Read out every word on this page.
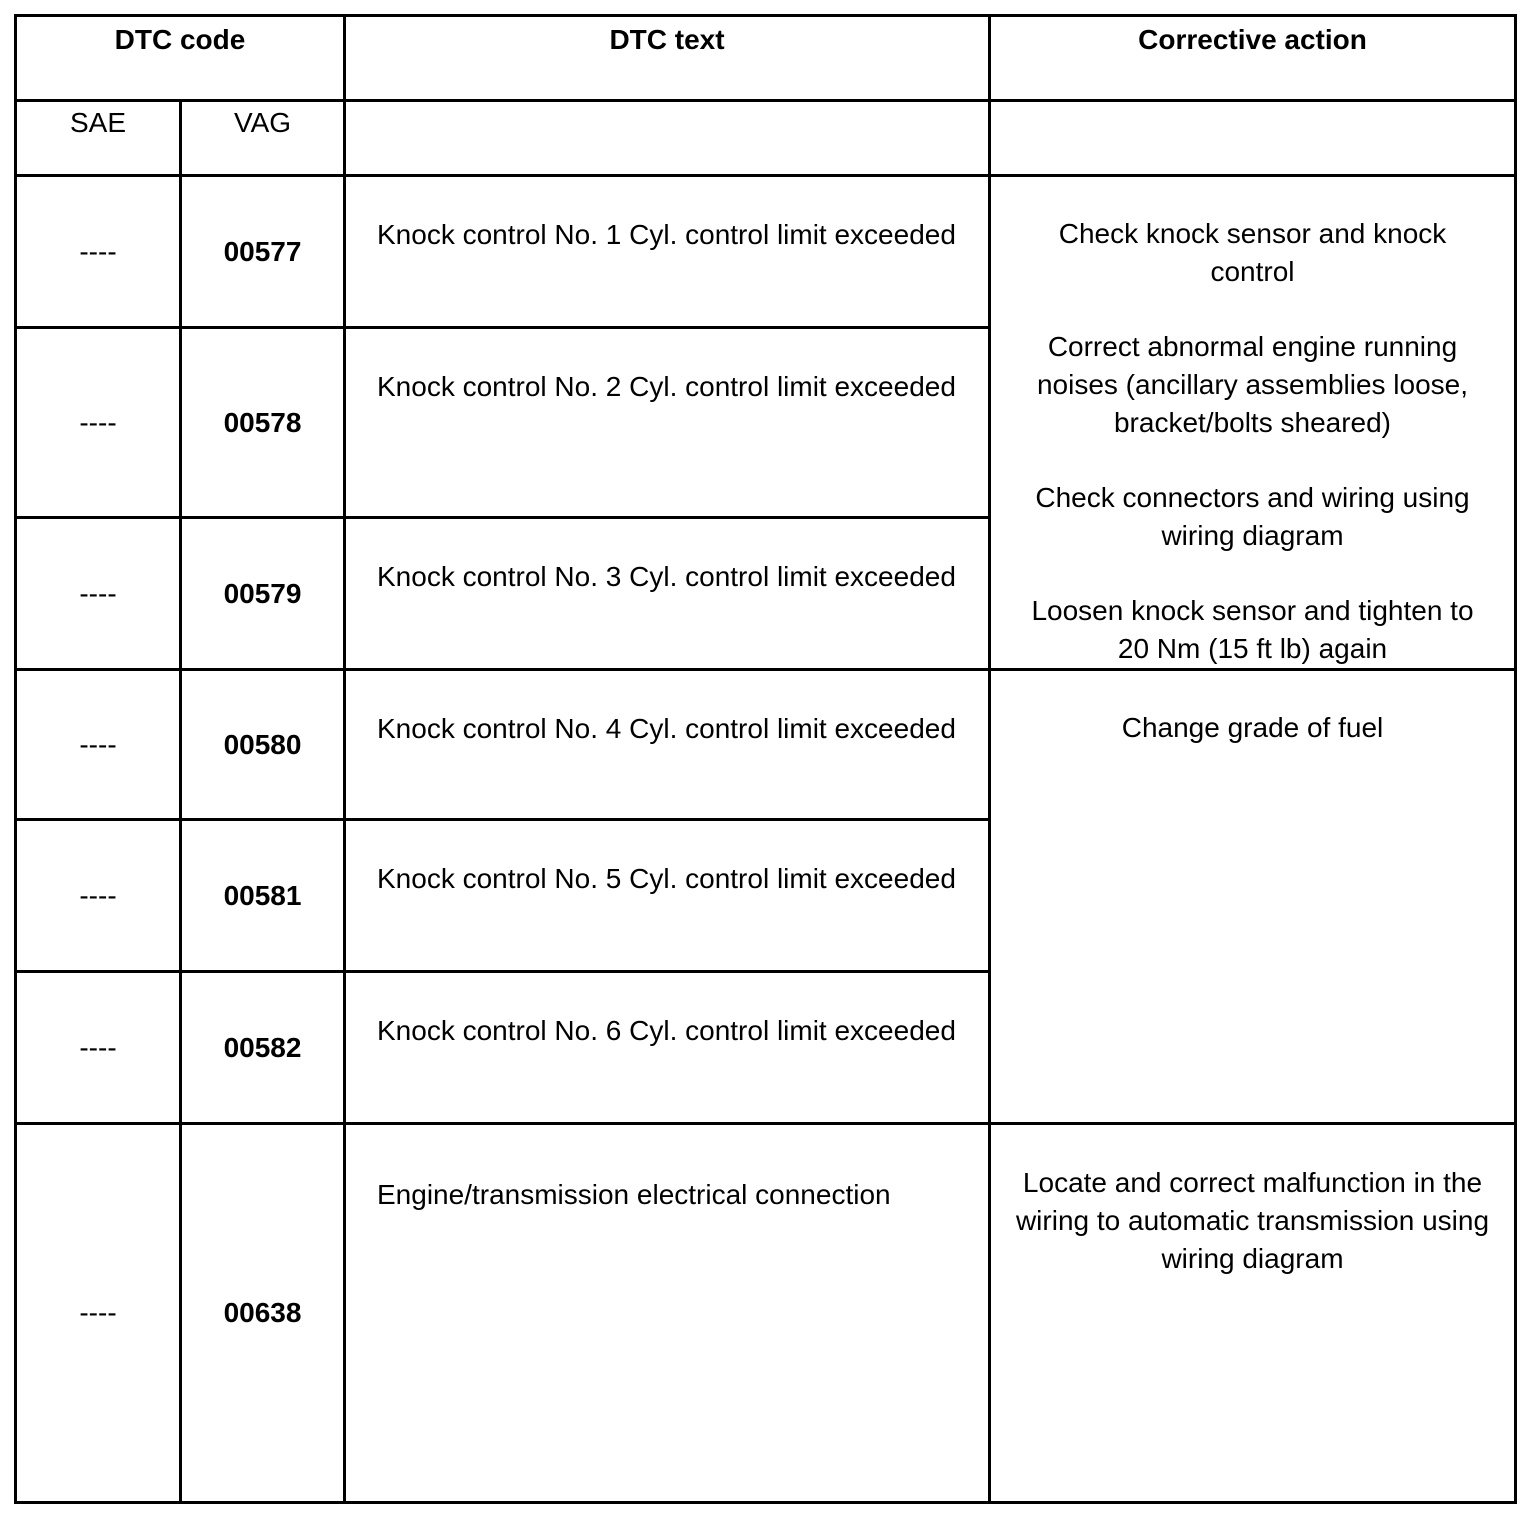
DTC code		DTC text	Corrective action
SAE	VAG		
----	00577	Knock control No. 1 Cyl. control limit exceeded	Check knock sensor and knock control

Correct abnormal engine running noises (ancillary assemblies loose, bracket/bolts sheared)

Check connectors and wiring using wiring diagram

Loosen knock sensor and tighten to 20 Nm (15 ft lb) again

----	00578	Knock control No. 2 Cyl. control limit exceeded	
----	00579	Knock control No. 3 Cyl. control limit exceeded	
----	00580	Knock control No. 4 Cyl. control limit exceeded	Change grade of fuel
----	00581	Knock control No. 5 Cyl. control limit exceeded	
----	00582	Knock control No. 6 Cyl. control limit exceeded	
----	00638	Engine/transmission electrical connection	Locate and correct malfunction in the wiring to automatic transmission using wiring diagram
